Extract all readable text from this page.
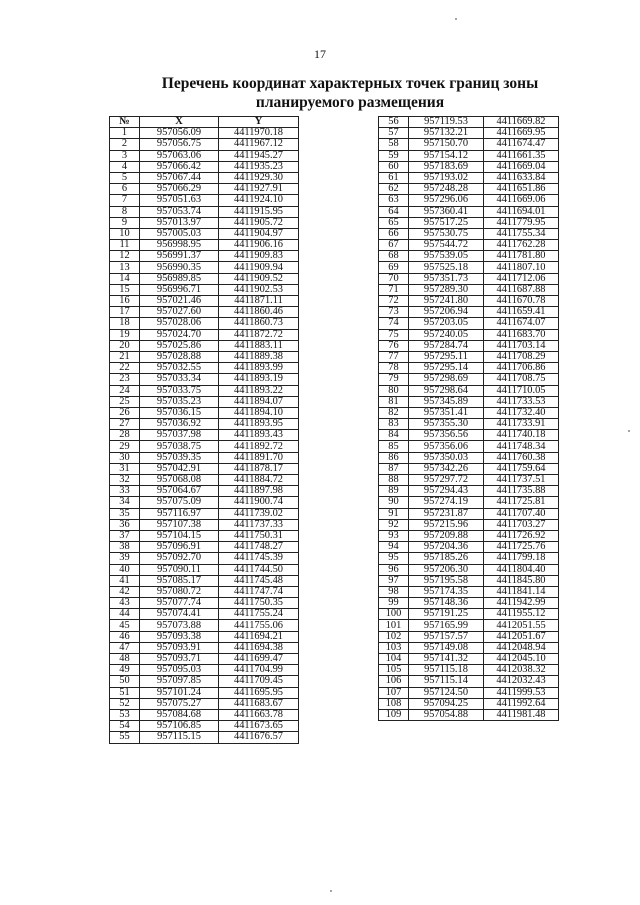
17
Перечень координат характерных точек границ зоны
планируемого размещения
№	X	Y
1	957056.09	4411970.18
2	957056.75	4411967.12
3	957063.06	4411945.27
4	957066.42	4411935.23
5	957067.44	4411929.30
6	957066.29	4411927.91
7	957051.63	4411924.10
8	957053.74	4411915.95
9	957013.97	4411905.72
10	957005.03	4411904.97
11	956998.95	4411906.16
12	956991.37	4411909.83
13	956990.35	4411909.94
14	956989.85	4411909.52
15	956996.71	4411902.53
16	957021.46	4411871.11
17	957027.60	4411860.46
18	957028.06	4411860.73
19	957024.70	4411872.72
20	957025.86	4411883.11
21	957028.88	4411889.38
22	957032.55	4411893.99
23	957033.34	4411893.19
24	957033.75	4411893.22
25	957035.23	4411894.07
26	957036.15	4411894.10
27	957036.92	4411893.95
28	957037.98	4411893.43
29	957038.75	4411892.72
30	957039.35	4411891.70
31	957042.91	4411878.17
32	957068.08	4411884.72
33	957064.67	4411897.98
34	957075.09	4411900.74
35	957116.97	4411739.02
36	957107.38	4411737.33
37	957104.15	4411750.31
38	957096.91	4411748.27
39	957092.70	4411745.39
40	957090.11	4411744.50
41	957085.17	4411745.48
42	957080.72	4411747.74
43	957077.74	4411750.35
44	957074.41	4411755.24
45	957073.88	4411755.06
46	957093.38	4411694.21
47	957093.91	4411694.38
48	957093.71	4411699.47
49	957095.03	4411704.99
50	957097.85	4411709.45
51	957101.24	4411695.95
52	957075.27	4411683.67
53	957084.68	4411663.78
54	957106.85	4411673.65
55	957115.15	4411676.57
56	957119.53	4411669.82
57	957132.21	4411669.95
58	957150.70	4411674.47
59	957154.12	4411661.35
60	957183.69	4411669.04
61	957193.02	4411633.84
62	957248.28	4411651.86
63	957296.06	4411669.06
64	957360.41	4411694.01
65	957517.25	4411779.95
66	957530.75	4411755.34
67	957544.72	4411762.28
68	957539.05	4411781.80
69	957525.18	4411807.10
70	957351.73	4411712.06
71	957289.30	4411687.88
72	957241.80	4411670.78
73	957206.94	4411659.41
74	957203.05	4411674.07
75	957240.05	4411683.70
76	957284.74	4411703.14
77	957295.11	4411708.29
78	957295.14	4411706.86
79	957298.69	4411708.75
80	957298.64	4411710.05
81	957345.89	4411733.53
82	957351.41	4411732.40
83	957355.30	4411733.91
84	957356.56	4411740.18
85	957356.06	4411748.34
86	957350.03	4411760.38
87	957342.26	4411759.64
88	957297.72	4411737.51
89	957294.43	4411735.88
90	957274.19	4411725.81
91	957231.87	4411707.40
92	957215.96	4411703.27
93	957209.88	4411726.92
94	957204.36	4411725.76
95	957185.26	4411799.18
96	957206.30	4411804.40
97	957195.58	4411845.80
98	957174.35	4411841.14
99	957148.36	4411942.99
100	957191.25	4411955.12
101	957165.99	4412051.55
102	957157.57	4412051.67
103	957149.08	4412048.94
104	957141.32	4412045.10
105	957115.18	4412038.32
106	957115.14	4412032.43
107	957124.50	4411999.53
108	957094.25	4411992.64
109	957054.88	4411981.48
